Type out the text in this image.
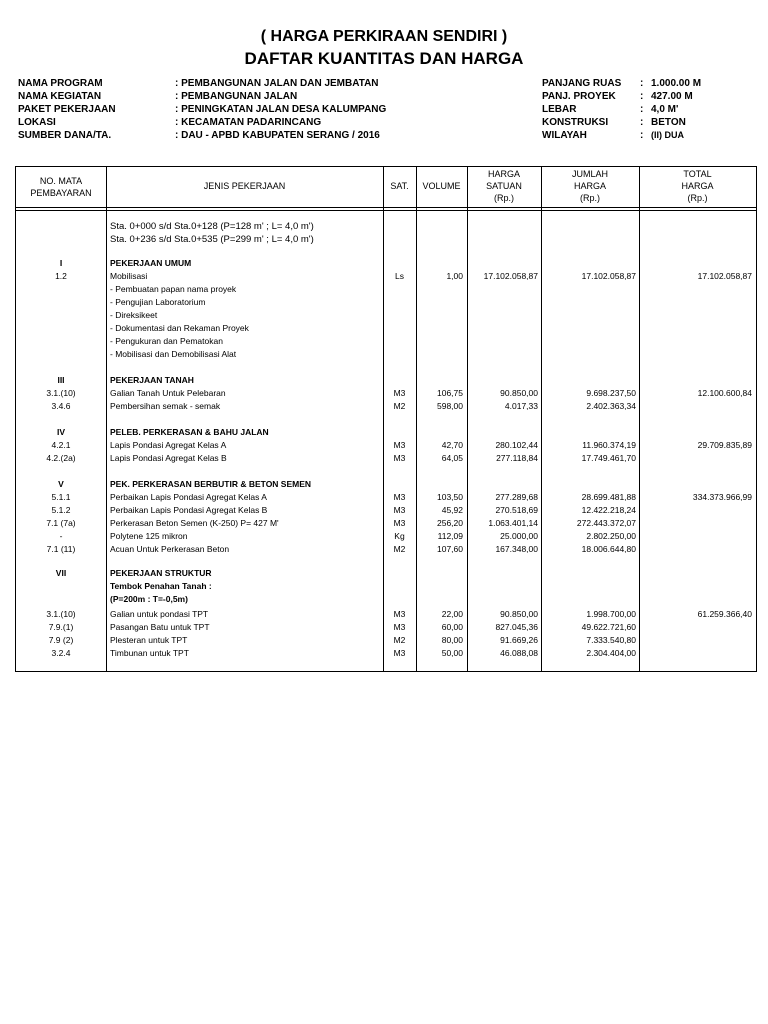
( HARGA PERKIRAAN SENDIRI )
DAFTAR KUANTITAS DAN HARGA
NAMA PROGRAM	: PEMBANGUNAN JALAN DAN JEMBATAN
NAMA KEGIATAN	: PEMBANGUNAN JALAN
PAKET PEKERJAAN	: PENINGKATAN JALAN DESA KALUMPANG
LOKASI	: KECAMATAN PADARINCANG
SUMBER DANA/TA.	: DAU - APBD KABUPATEN SERANG / 2016
PANJANG RUAS : 1.000.00 M
PANJ. PROYEK : 427.00 M
LEBAR	: 4,0 M'
KONSTRUKSI	: BETON
WILAYAH	: (II) DUA
NO. MATA
PEMBAYARAN
JENIS PEKERJAAN	SAT.	VOLUME
HARGA
SATUAN
(Rp.)
JUMLAH
HARGA
(Rp.)
TOTAL
HARGA
(Rp.)
Sta. 0+000 s/d Sta.0+128 (P=128 m' ; L= 4,0 m')
Sta. 0+236 s/d Sta.0+535 (P=299 m' ; L= 4,0 m')
I	PEKERJAAN UMUM
1.2	Mobilisasi	Ls	1,00	17.102.058,87	17.102.058,87	17.102.058,87
- Pembuatan papan nama proyek
- Pengujian Laboratorium
- Direksikeet
- Dokumentasi dan Rekaman Proyek
- Pengukuran dan Pematokan
- Mobilisasi dan Demobilisasi Alat
III	PEKERJAAN TANAH
3.1.(10)	Galian Tanah Untuk Pelebaran	M3	106,75	90.850,00	9.698.237,50	12.100.600,84
3.4.6	Pembersihan semak - semak	M2	598,00	4.017,33	2.402.363,34
IV	PELEB. PERKERASAN & BAHU JALAN
4.2.1	Lapis Pondasi Agregat Kelas A	M3	42,70	280.102,44	11.960.374,19	29.709.835,89
4.2.(2a)	Lapis Pondasi Agregat Kelas B	M3	64,05	277.118,84	17.749.461,70
V	PEK. PERKERASAN BERBUTIR & BETON SEMEN
5.1.1	Perbaikan Lapis Pondasi Agregat Kelas A	M3	103,50	277.289,68	28.699.481,88	334.373.966,99
5.1.2	Perbaikan Lapis Pondasi Agregat Kelas B	M3	45,92	270.518,69	12.422.218,24
7.1 (7a)	Perkerasan Beton Semen (K-250) P= 427 M'	M3	256,20	1.063.401,14	272.443.372,07
-	Polytene 125 mikron	Kg	112,09	25.000,00	2.802.250,00
7.1 (11)	Acuan Untuk Perkerasan Beton	M2	107,60	167.348,00	18.006.644,80
VII	PEKERJAAN STRUKTUR
Tembok Penahan Tanah :
(P=200m : T=-0,5m)
3.1.(10)	Galian untuk pondasi TPT	M3	22,00	90.850,00	1.998.700,00	61.259.366,40
7.9.(1)	Pasangan Batu untuk TPT	M3	60,00	827.045,36	49.622.721,60
7.9 (2)	Plesteran untuk TPT	M2	80,00	91.669,26	7.333.540,80
3.2.4	Timbunan untuk TPT	M3	50,00	46.088,08	2.304.404,00
